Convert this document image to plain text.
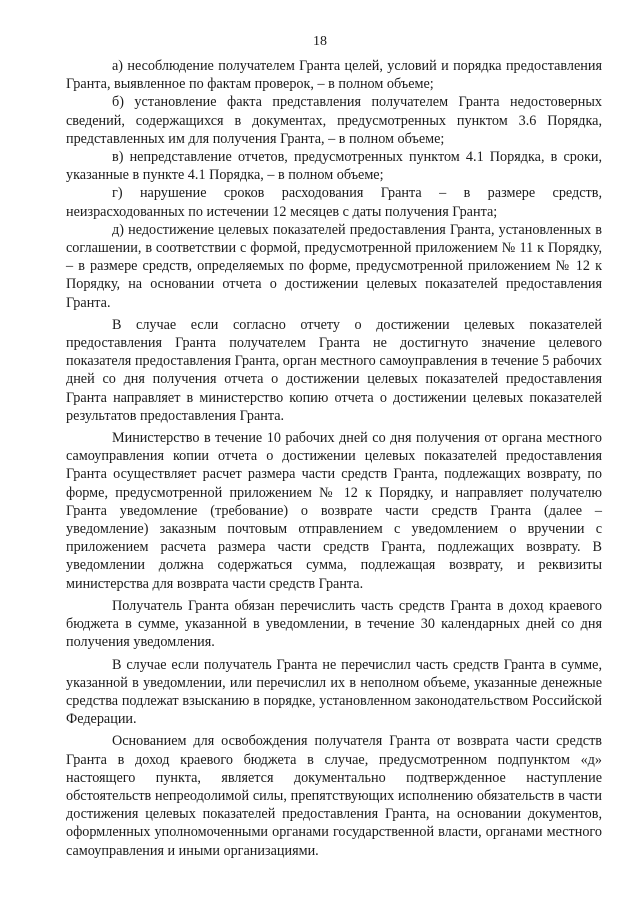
18

а) несоблюдение получателем Гранта целей, условий и порядка предоставления Гранта, выявленное по фактам проверок, – в полном объеме;

б) установление факта представления получателем Гранта недостоверных сведений, содержащихся в документах, предусмотренных пунктом 3.6 Порядка, представленных им для получения Гранта, – в полном объеме;

в) непредставление отчетов, предусмотренных пунктом 4.1 Порядка, в сроки, указанные в пункте 4.1 Порядка, – в полном объеме;

г) нарушение сроков расходования Гранта – в размере средств, неизрасходованных по истечении 12 месяцев с даты получения Гранта;

д) недостижение целевых показателей предоставления Гранта, установленных в соглашении, в соответствии с формой, предусмотренной приложением № 11 к Порядку, – в размере средств, определяемых по форме, предусмотренной приложением № 12 к Порядку, на основании отчета о достижении целевых показателей предоставления Гранта.

В случае если согласно отчету о достижении целевых показателей предоставления Гранта получателем Гранта не достигнуто значение целевого показателя предоставления Гранта, орган местного самоуправления в течение 5 рабочих дней со дня получения отчета о достижении целевых показателей предоставления Гранта направляет в министерство копию отчета о достижении целевых показателей результатов предоставления Гранта.

Министерство в течение 10 рабочих дней со дня получения от органа местного самоуправления копии отчета о достижении целевых показателей предоставления Гранта осуществляет расчет размера части средств Гранта, подлежащих возврату, по форме, предусмотренной приложением № 12 к Порядку, и направляет получателю Гранта уведомление (требование) о возврате части средств Гранта (далее – уведомление) заказным почтовым отправлением с уведомлением о вручении с приложением расчета размера части средств Гранта, подлежащих возврату. В уведомлении должна содержаться сумма, подлежащая возврату, и реквизиты министерства для возврата части средств Гранта.

Получатель Гранта обязан перечислить часть средств Гранта в доход краевого бюджета в сумме, указанной в уведомлении, в течение 30 календарных дней со дня получения уведомления.

В случае если получатель Гранта не перечислил часть средств Гранта в сумме, указанной в уведомлении, или перечислил их в неполном объеме, указанные денежные средства подлежат взысканию в порядке, установленном законодательством Российской Федерации.

Основанием для освобождения получателя Гранта от возврата части средств Гранта в доход краевого бюджета в случае, предусмотренном подпунктом «д» настоящего пункта, является документально подтвержденное наступление обстоятельств непреодолимой силы, препятствующих исполнению обязательств в части достижения целевых показателей предоставления Гранта, на основании документов, оформленных уполномоченными органами государственной власти, органами местного самоуправления и иными организациями.
